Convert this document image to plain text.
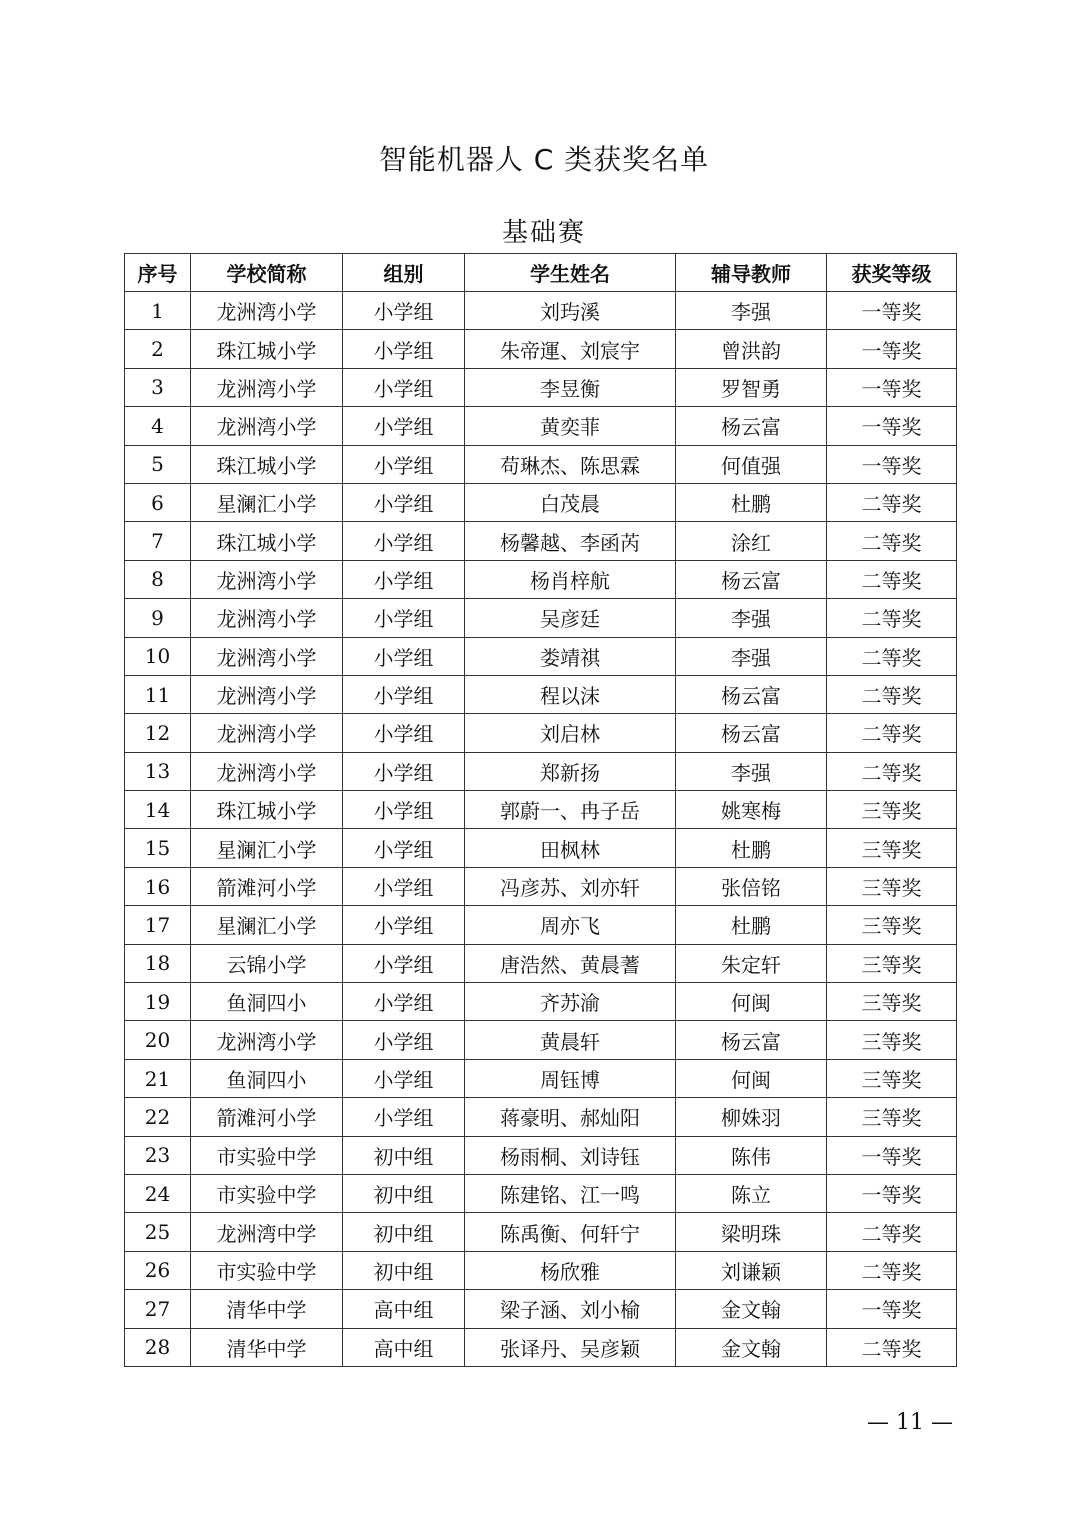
智能机器人 C 类获奖名单
基础赛
序号	学校简称	组别	学生姓名	辅导教师	获奖等级
1	龙洲湾小学	小学组	刘玙溪	李强	一等奖
2	珠江城小学	小学组	朱帝運、刘宸宇	曾洪韵	一等奖
3	龙洲湾小学	小学组	李昱衡	罗智勇	一等奖
4	龙洲湾小学	小学组	黄奕菲	杨云富	一等奖
5	珠江城小学	小学组	苟琳杰、陈思霖	何值强	一等奖
6	星澜汇小学	小学组	白茂晨	杜鹏	二等奖
7	珠江城小学	小学组	杨馨越、李函芮	涂红	二等奖
8	龙洲湾小学	小学组	杨肖梓航	杨云富	二等奖
9	龙洲湾小学	小学组	吴彦廷	李强	二等奖
10	龙洲湾小学	小学组	娄靖祺	李强	二等奖
11	龙洲湾小学	小学组	程以沫	杨云富	二等奖
12	龙洲湾小学	小学组	刘启林	杨云富	二等奖
13	龙洲湾小学	小学组	郑新扬	李强	二等奖
14	珠江城小学	小学组	郭蔚一、冉子岳	姚寒梅	三等奖
15	星澜汇小学	小学组	田枫林	杜鹏	三等奖
16	箭滩河小学	小学组	冯彦苏、刘亦轩	张倍铭	三等奖
17	星澜汇小学	小学组	周亦飞	杜鹏	三等奖
18	云锦小学	小学组	唐浩然、黄晨蓍	朱定轩	三等奖
19	鱼洞四小	小学组	齐苏渝	何闽	三等奖
20	龙洲湾小学	小学组	黄晨轩	杨云富	三等奖
21	鱼洞四小	小学组	周钰博	何闽	三等奖
22	箭滩河小学	小学组	蒋豪明、郝灿阳	柳姝羽	三等奖
23	市实验中学	初中组	杨雨桐、刘诗钰	陈伟	一等奖
24	市实验中学	初中组	陈建铭、江一鸣	陈立	一等奖
25	龙洲湾中学	初中组	陈禹衡、何轩宁	梁明珠	二等奖
26	市实验中学	初中组	杨欣雅	刘谦颖	二等奖
27	清华中学	高中组	梁子涵、刘小榆	金文翰	一等奖
28	清华中学	高中组	张译丹、吴彦颖	金文翰	二等奖
— 11 —
